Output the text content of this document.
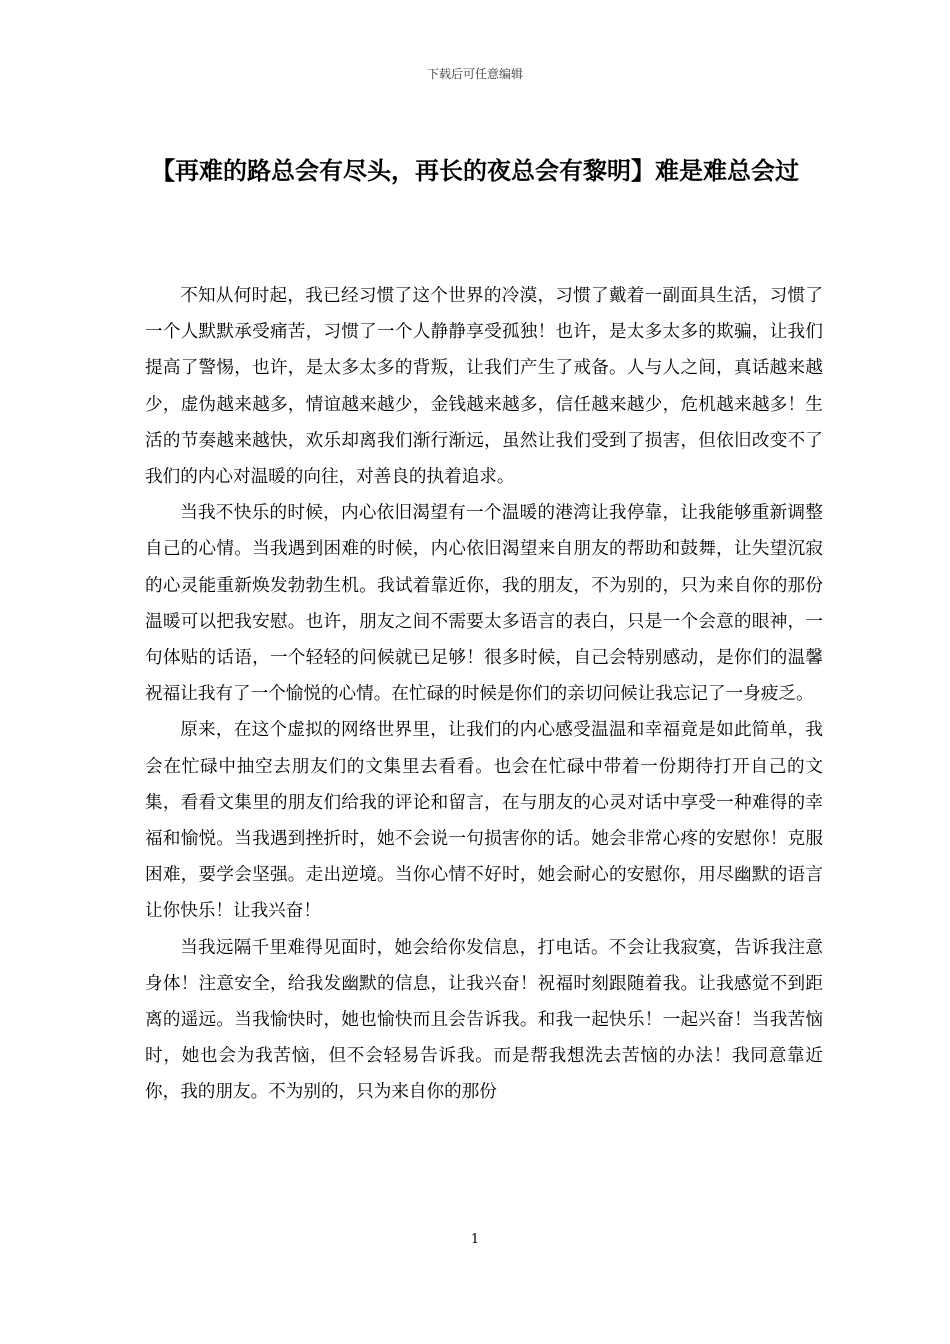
下载后可任意编辑
【再难的路总会有尽头，再长的夜总会有黎明】难是难总会过

不知从何时起，我已经习惯了这个世界的冷漠，习惯了戴着一副面具生活，习惯了一个人默默承受痛苦，习惯了一个人静静享受孤独！也许，是太多太多的欺骗，让我们提高了警惕，也许，是太多太多的背叛，让我们产生了戒备。人与人之间，真话越来越少，虚伪越来越多，情谊越来越少，金钱越来越多，信任越来越少，危机越来越多！生活的节奏越来越快，欢乐却离我们渐行渐远，虽然让我们受到了损害，但依旧改变不了我们的内心对温暖的向往，对善良的执着追求。

当我不快乐的时候，内心依旧渴望有一个温暖的港湾让我停靠，让我能够重新调整自己的心情。当我遇到困难的时候，内心依旧渴望来自朋友的帮助和鼓舞，让失望沉寂的心灵能重新焕发勃勃生机。我试着靠近你，我的朋友，不为别的，只为来自你的那份温暖可以把我安慰。也许，朋友之间不需要太多语言的表白，只是一个会意的眼神，一句体贴的话语，一个轻轻的问候就已足够！很多时候，自己会特别感动，是你们的温馨祝福让我有了一个愉悦的心情。在忙碌的时候是你们的亲切问候让我忘记了一身疲乏。

原来，在这个虚拟的网络世界里，让我们的内心感受温温和幸福竟是如此简单，我会在忙碌中抽空去朋友们的文集里去看看。也会在忙碌中带着一份期待打开自己的文集，看看文集里的朋友们给我的评论和留言，在与朋友的心灵对话中享受一种难得的幸福和愉悦。当我遇到挫折时，她不会说一句损害你的话。她会非常心疼的安慰你！克服困难，要学会坚强。走出逆境。当你心情不好时，她会耐心的安慰你，用尽幽默的语言让你快乐！让我兴奋！

当我远隔千里难得见面时，她会给你发信息，打电话。不会让我寂寞，告诉我注意身体！注意安全，给我发幽默的信息，让我兴奋！祝福时刻跟随着我。让我感觉不到距离的遥远。当我愉快时，她也愉快而且会告诉我。和我一起快乐！一起兴奋！当我苦恼时，她也会为我苦恼，但不会轻易告诉我。而是帮我想洗去苦恼的办法！我同意靠近你，我的朋友。不为别的，只为来自你的那份

1
